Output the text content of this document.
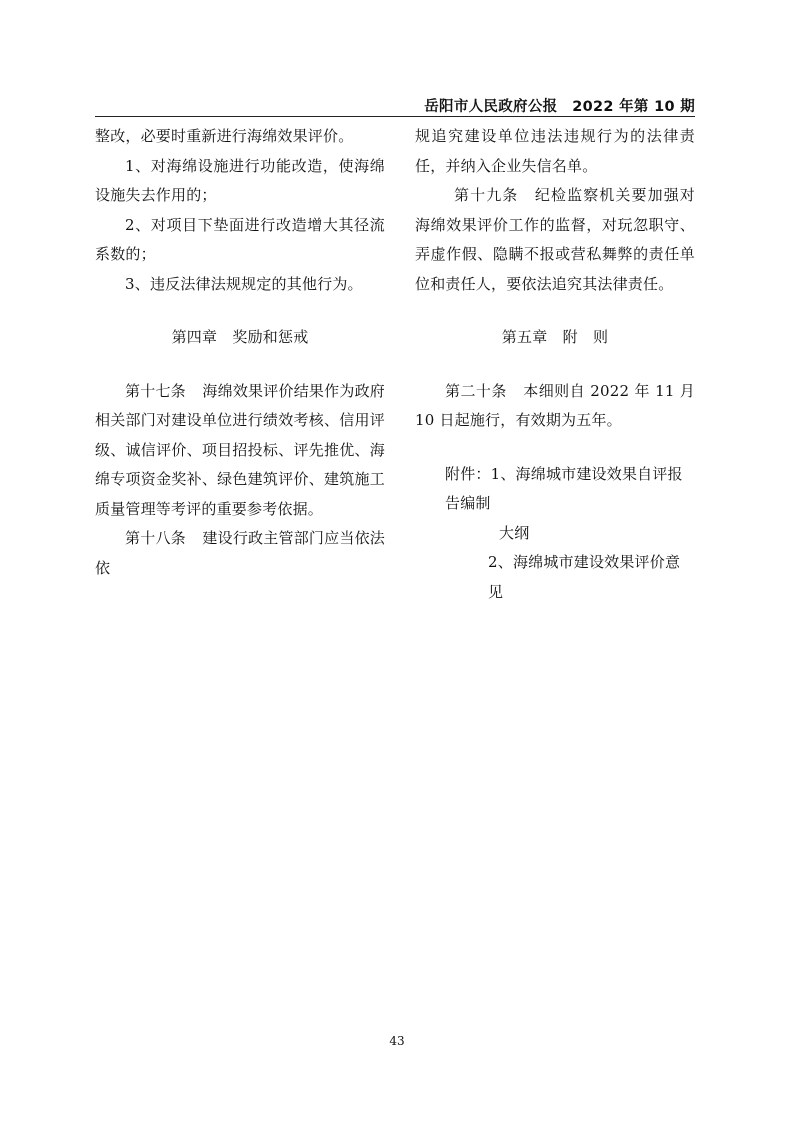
岳阳市人民政府公报　2022 年第 10 期

整改，必要时重新进行海绵效果评价。

1、对海绵设施进行功能改造，使海绵设施失去作用的；

2、对项目下垫面进行改造增大其径流系数的；

3、违反法律法规规定的其他行为。

第四章　奖励和惩戒

第十七条 海绵效果评价结果作为政府相关部门对建设单位进行绩效考核、信用评级、诚信评价、项目招投标、评先推优、海绵专项资金奖补、绿色建筑评价、建筑施工质量管理等考评的重要参考依据。

第十八条 建设行政主管部门应当依法依

规追究建设单位违法违规行为的法律责任，并纳入企业失信名单。

第十九条 纪检监察机关要加强对海绵效果评价工作的监督，对玩忽职守、弄虚作假、隐瞒不报或营私舞弊的责任单位和责任人，要依法追究其法律责任。

第五章　附　则

第二十条 本细则自 2022 年 11 月 10 日起施行，有效期为五年。

附件：1、海绵城市建设效果自评报告编制
大纲
2、海绵城市建设效果评价意见

43
